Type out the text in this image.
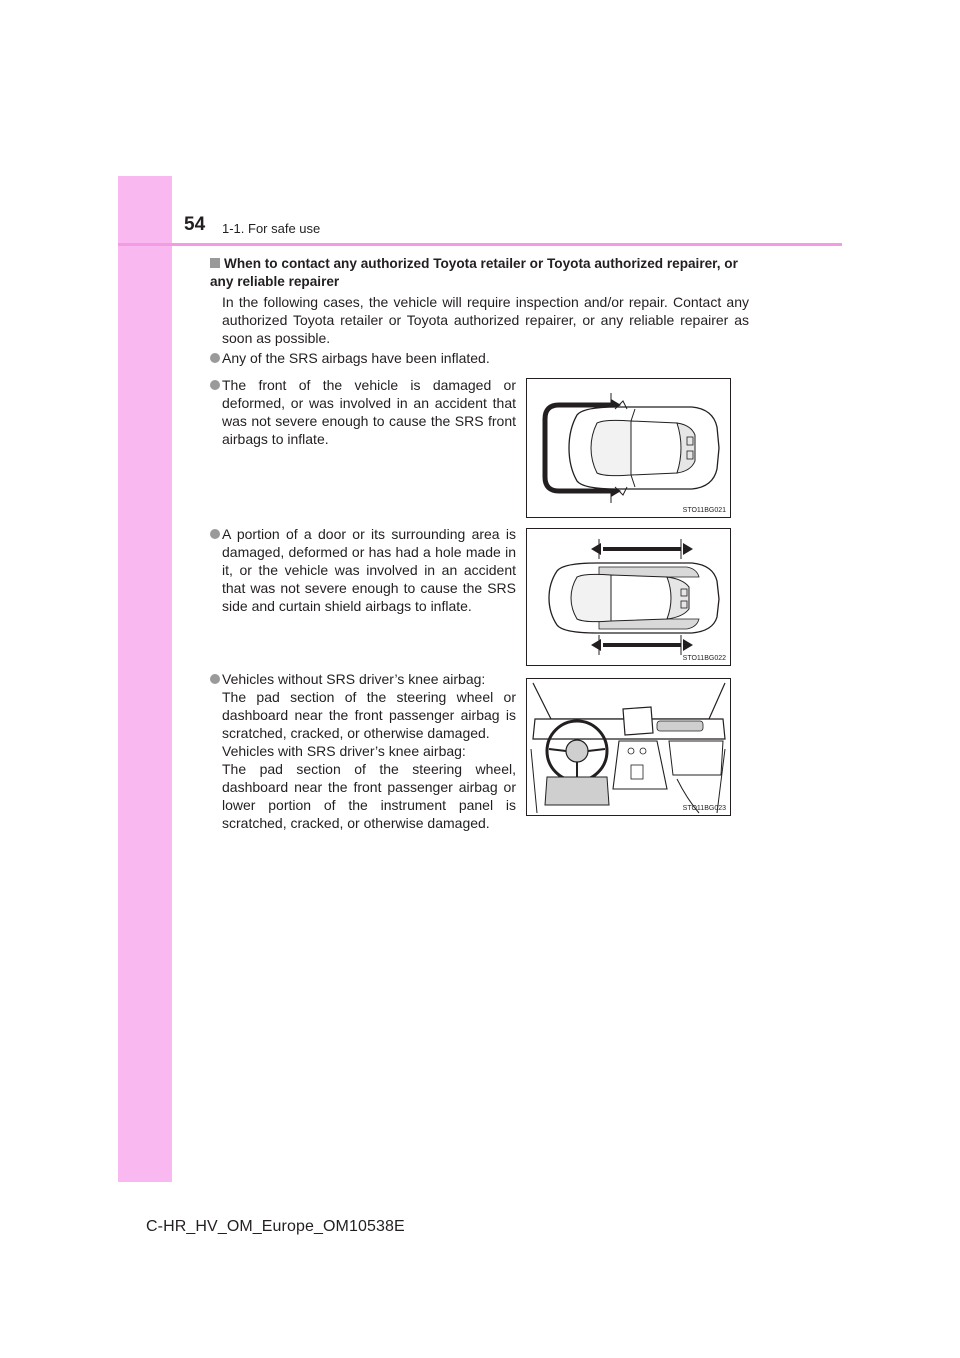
54 1-1. For safe use
When to contact any authorized Toyota retailer or Toyota authorized repairer, or any reliable repairer
In the following cases, the vehicle will require inspection and/or repair. Contact any authorized Toyota retailer or Toyota authorized repairer, or any reliable repairer as soon as possible.
Any of the SRS airbags have been inflated.
The front of the vehicle is damaged or deformed, or was involved in an accident that was not severe enough to cause the SRS front airbags to inflate.
A portion of a door or its surrounding area is damaged, deformed or has had a hole made in it, or the vehicle was involved in an accident that was not severe enough to cause the SRS side and curtain shield airbags to inflate.
Vehicles without SRS driver’s knee airbag:
The pad section of the steering wheel or dashboard near the front passenger airbag is scratched, cracked, or otherwise damaged.
Vehicles with SRS driver’s knee airbag:
The pad section of the steering wheel, dashboard near the front passenger airbag or lower portion of the instrument panel is scratched, cracked, or otherwise damaged.
STO11BG021
STO11BG022
STO11BG023
C-HR_HV_OM_Europe_OM10538E
